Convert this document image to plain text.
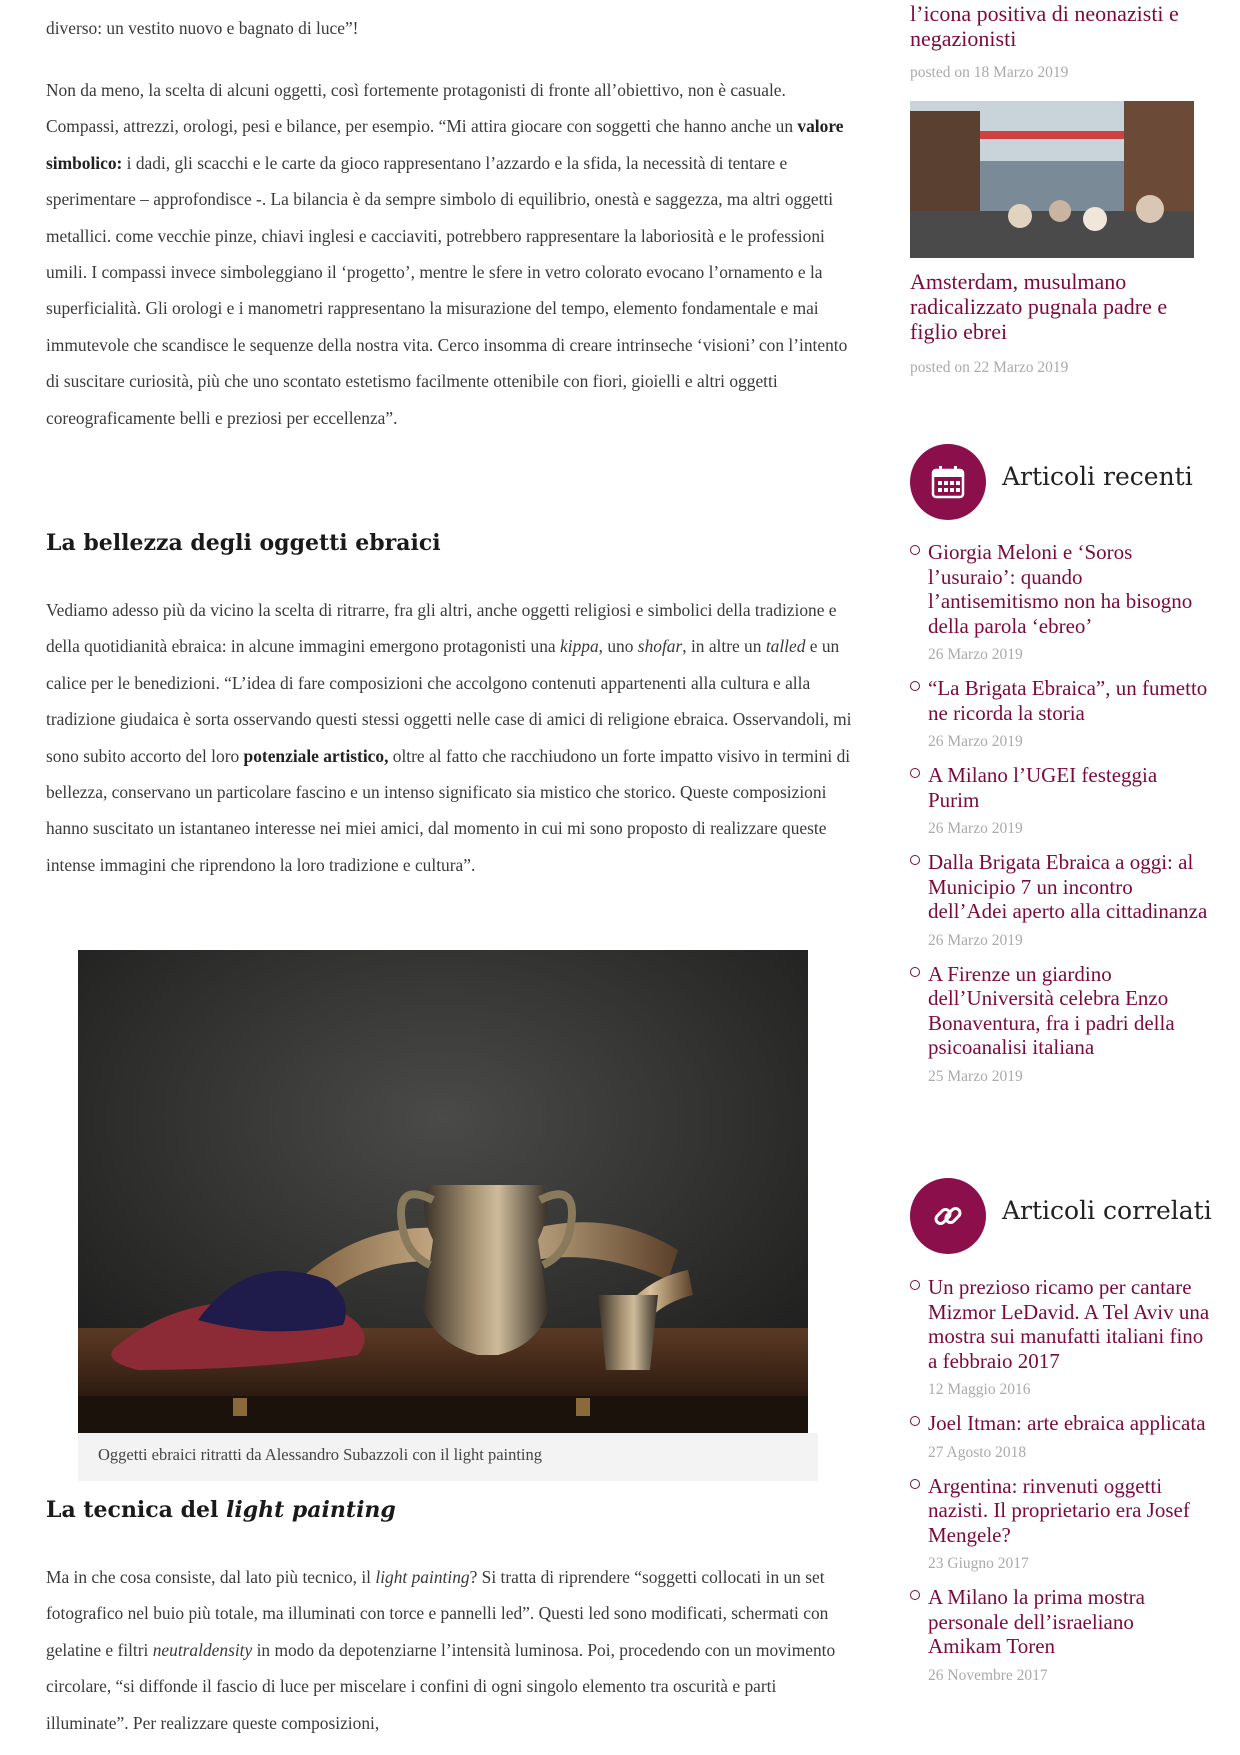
diverso: un vestito nuovo e bagnato di luce”!

Non da meno, la scelta di alcuni oggetti, così fortemente protagonisti di fronte all’obiettivo, non è casuale. Compassi, attrezzi, orologi, pesi e bilance, per esempio. “Mi attira giocare con soggetti che hanno anche un valore simbolico: i dadi, gli scacchi e le carte da gioco rappresentano l’azzardo e la sfida, la necessità di tentare e sperimentare – approfondisce -. La bilancia è da sempre simbolo di equilibrio, onestà e saggezza, ma altri oggetti metallici. come vecchie pinze, chiavi inglesi e cacciaviti, potrebbero rappresentare la laboriosità e le professioni umili. I compassi invece simboleggiano il ‘progetto’, mentre le sfere in vetro colorato evocano l’ornamento e la superficialità. Gli orologi e i manometri rappresentano la misurazione del tempo, elemento fondamentale e mai immutevole che scandisce le sequenze della nostra vita. Cerco insomma di creare intrinseche ‘visioni’ con l’intento di suscitare curiosità, più che uno scontato estetismo facilmente ottenibile con fiori, gioielli e altri oggetti coreograficamente belli e preziosi per eccellenza”.

La bellezza degli oggetti ebraici

Vediamo adesso più da vicino la scelta di ritrarre, fra gli altri, anche oggetti religiosi e simbolici della tradizione e della quotidianità ebraica: in alcune immagini emergono protagonisti una kippa, uno shofar, in altre un talled e un calice per le benedizioni. “L’idea di fare composizioni che accolgono contenuti appartenenti alla cultura e alla tradizione giudaica è sorta osservando questi stessi oggetti nelle case di amici di religione ebraica. Osservandoli, mi sono subito accorto del loro potenziale artistico, oltre al fatto che racchiudono un forte impatto visivo in termini di bellezza, conservano un particolare fascino e un intenso significato sia mistico che storico. Queste composizioni hanno suscitato un istantaneo interesse nei miei amici, dal momento in cui mi sono proposto di realizzare queste intense immagini che riprendono la loro tradizione e cultura”.

Oggetti ebraici ritratti da Alessandro Subazzoli con il light painting
La tecnica del light painting

Ma in che cosa consiste, dal lato più tecnico, il light painting? Si tratta di riprendere “soggetti collocati in un set fotografico nel buio più totale, ma illuminati con torce e pannelli led”. Questi led sono modificati, schermati con gelatine e filtri neutraldensity in modo da depotenziarne l’intensità luminosa. Poi, procedendo con un movimento circolare, “si diffonde il fascio di luce per miscelare i confini di ogni singolo elemento tra oscurità e parti illuminate”. Per realizzare queste composizioni,

l’icona positiva di neonazisti e negazionisti
posted on 18 Marzo 2019
Amsterdam, musulmano radicalizzato pugnala padre e figlio ebrei
posted on 22 Marzo 2019
Articoli recenti
Giorgia Meloni e ‘Soros l’usuraio’: quando l’antisemitismo non ha bisogno della parola ‘ebreo’
26 Marzo 2019
“La Brigata Ebraica”, un fumetto ne ricorda la storia
26 Marzo 2019
A Milano l’UGEI festeggia Purim
26 Marzo 2019
Dalla Brigata Ebraica a oggi: al Municipio 7 un incontro dell’Adei aperto alla cittadinanza
26 Marzo 2019
A Firenze un giardino dell’Università celebra Enzo Bonaventura, fra i padri della psicoanalisi italiana
25 Marzo 2019
Articoli correlati
Un prezioso ricamo per cantare Mizmor LeDavid. A Tel Aviv una mostra sui manufatti italiani fino a febbraio 2017
12 Maggio 2016
Joel Itman: arte ebraica applicata
27 Agosto 2018
Argentina: rinvenuti oggetti nazisti. Il proprietario era Josef Mengele?
23 Giugno 2017
A Milano la prima mostra personale dell’israeliano Amikam Toren
26 Novembre 2017
